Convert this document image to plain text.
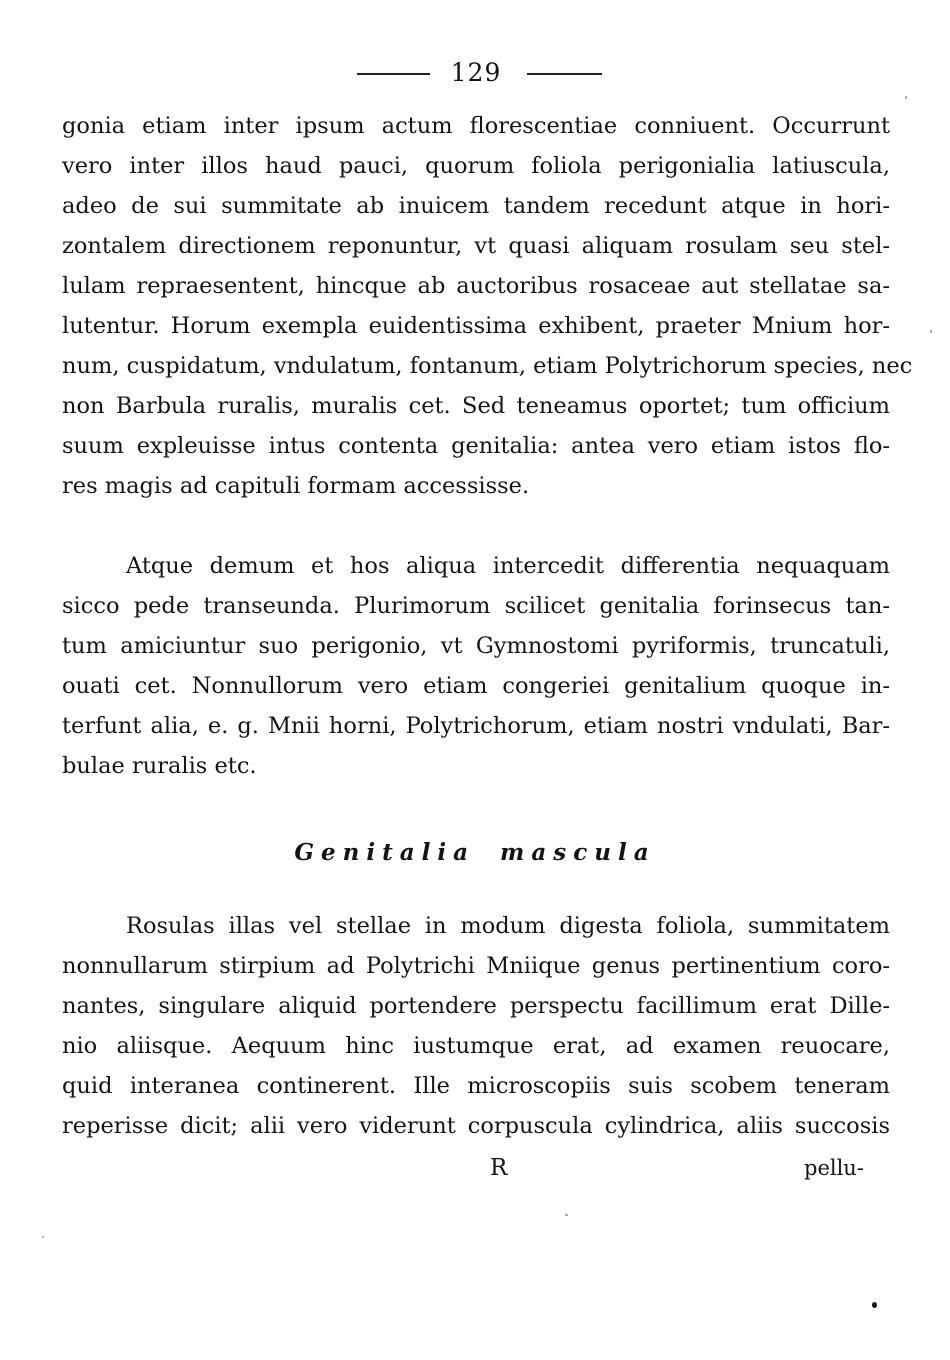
129
gonia etiam inter ipsum actum florescentiae conniuent. Occurrunt
vero inter illos haud pauci, quorum foliola perigonialia latiuscula,
adeo de sui summitate ab inuicem tandem recedunt atque in hori-
zontalem directionem reponuntur, vt quasi aliquam rosulam seu stel-
lulam repraesentent, hincque ab auctoribus rosaceae aut stellatae sa-
lutentur. Horum exempla euidentissima exhibent, praeter Mnium hor-
num, cuspidatum, vndulatum, fontanum, etiam Polytrichorum species, nec
non Barbula ruralis, muralis cet. Sed teneamus oportet; tum officium
suum expleuisse intus contenta genitalia: antea vero etiam istos flo-
res magis ad capituli formam accessisse.
Atque demum et hos aliqua intercedit differentia nequaquam
sicco pede transeunda. Plurimorum scilicet genitalia forinsecus tan-
tum amiciuntur suo perigonio, vt Gymnostomi pyriformis, truncatuli,
ouati cet. Nonnullorum vero etiam congeriei genitalium quoque in-
terfunt alia, e. g. Mnii horni, Polytrichorum, etiam nostri vndulati, Bar-
bulae ruralis etc.
Genitalia mascula
Rosulas illas vel stellae in modum digesta foliola, summitatem
nonnullarum stirpium ad Polytrichi Mniique genus pertinentium coro-
nantes, singulare aliquid portendere perspectu facillimum erat Dille-
nio aliisque. Aequum hinc iustumque erat, ad examen reuocare,
quid interanea continerent. Ille microscopiis suis scobem teneram
reperisse dicit; alii vero viderunt corpuscula cylindrica, aliis succosis
R	pellu-
